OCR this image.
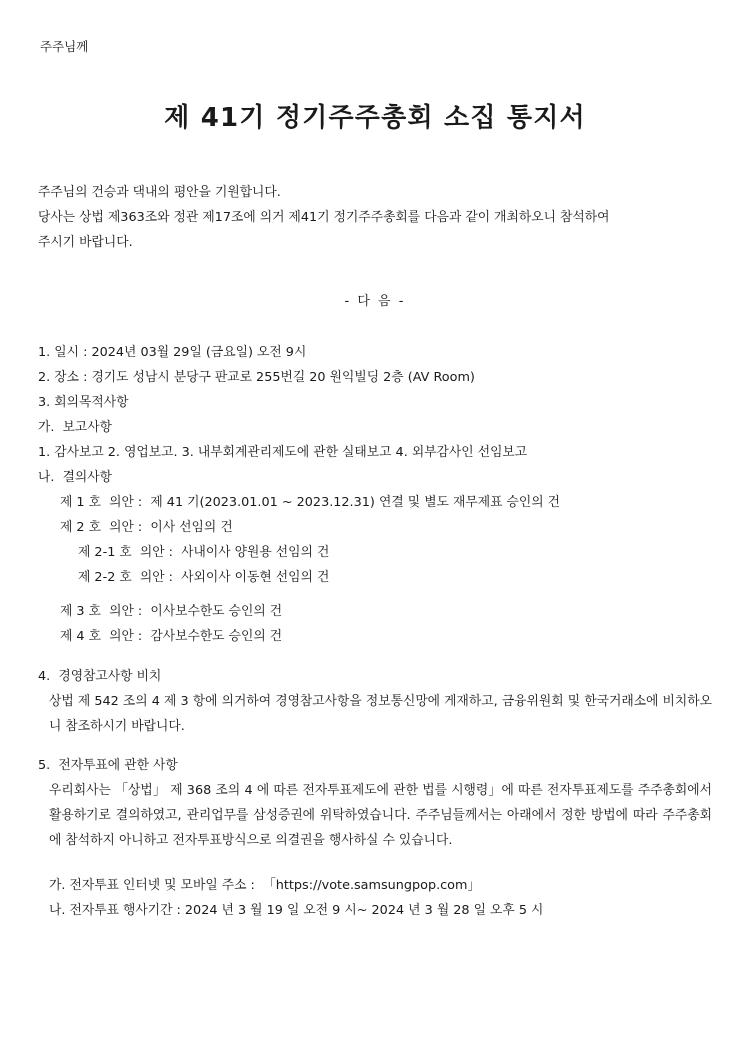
주주님께
제 41기 정기주주총회 소집 통지서

주주님의 건승과 댁내의 평안을 기원합니다.

당사는 상법 제363조와 정관 제17조에 의거 제41기 정기주주총회를 다음과 같이 개최하오니 참석하여

주시기 바랍니다.

- 다 음 -
1. 일시 : 2024년 03월 29일 (금요일) 오전 9시
2. 장소 : 경기도 성남시 분당구 판교로 255번길 20 원익빌딩 2층 (AV Room)
3. 회의목적사항
가.  보고사항
1. 감사보고 2. 영업보고. 3. 내부회계관리제도에 관한 실태보고 4. 외부감사인 선임보고
나.  결의사항
제 1 호  의안 :  제 41 기(2023.01.01 ~ 2023.12.31) 연결 및 별도 재무제표 승인의 건
제 2 호  의안 :  이사 선임의 건
제 2-1 호  의안 :  사내이사 양원용 선임의 건
제 2-2 호  의안 :  사외이사 이동현 선임의 건
제 3 호  의안 :  이사보수한도 승인의 건
제 4 호  의안 :  감사보수한도 승인의 건
4.  경영참고사항 비치
상법 제 542 조의 4 제 3 항에 의거하여 경영참고사항을 정보통신망에 게재하고, 금융위원회 및 한국거래소에 비치하오니 참조하시기 바랍니다.
5.  전자투표에 관한 사항
우리회사는 「상법」 제 368 조의 4 에 따른 전자투표제도에 관한 법를 시행령」에 따른 전자투표제도를 주주총회에서 활용하기로 결의하였고, 관리업무를 삼성증권에 위탁하였습니다. 주주님들께서는 아래에서 정한 방법에 따라 주주총회에 참석하지 아니하고 전자투표방식으로 의결권을 행사하실 수 있습니다.
가. 전자투표 인터넷 및 모바일 주소 :  「https://vote.samsungpop.com」
나. 전자투표 행사기간 : 2024 년 3 월 19 일 오전 9 시~ 2024 년 3 월 28 일 오후 5 시
